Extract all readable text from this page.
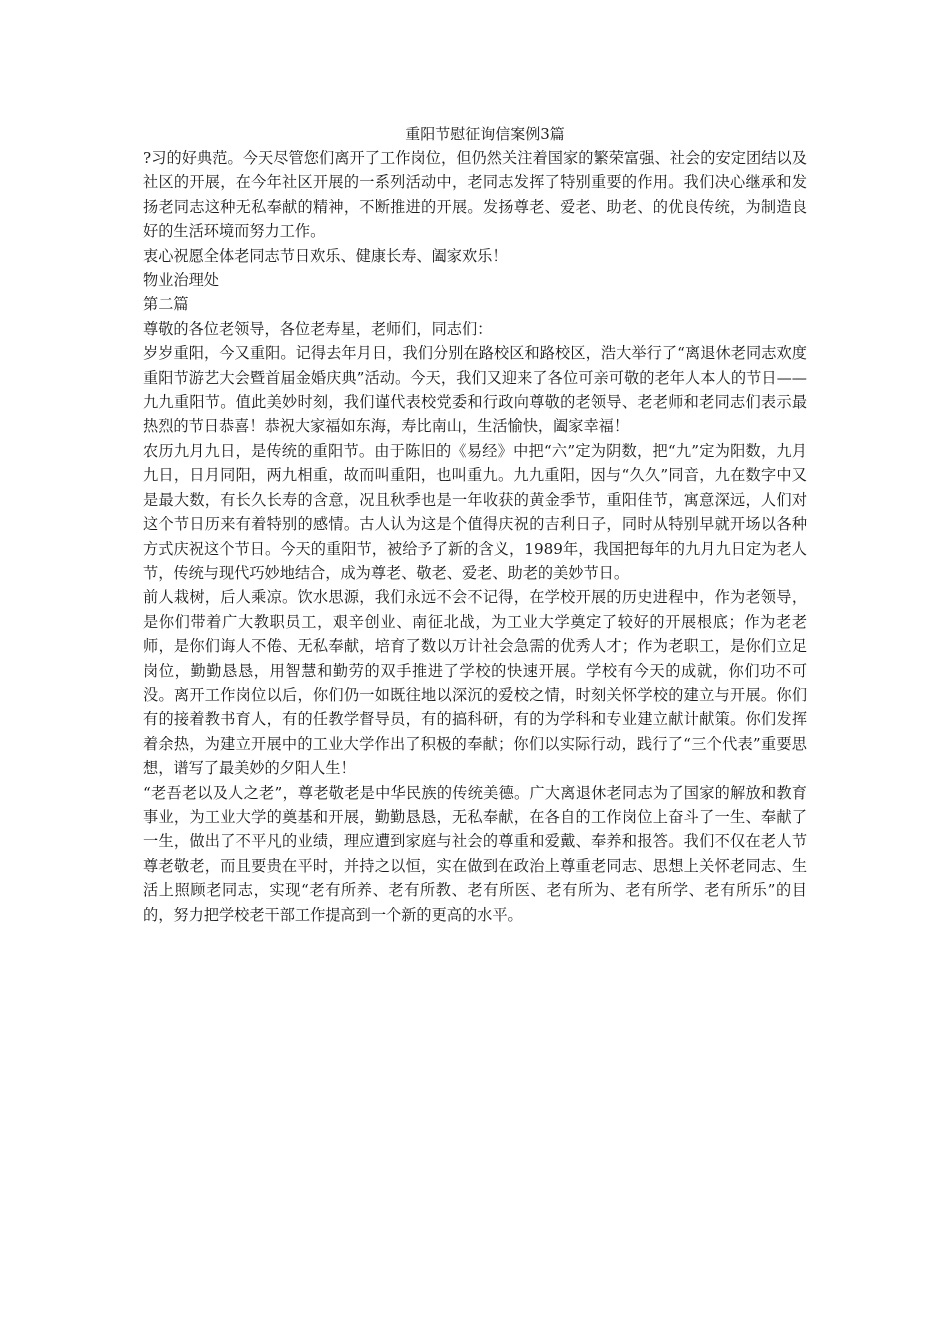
重阳节慰征询信案例3篇

?习的好典范。今天尽管您们离开了工作岗位，但仍然关注着国家的繁荣富强、社会的安定团结以及社区的开展，在今年社区开展的一系列活动中，老同志发挥了特别重要的作用。我们决心继承和发扬老同志这种无私奉献的精神，不断推进的开展。发扬尊老、爱老、助老、的优良传统，为制造良好的生活环境而努力工作。

衷心祝愿全体老同志节日欢乐、健康长寿、阖家欢乐！

物业治理处

第二篇

尊敬的各位老领导，各位老寿星，老师们，同志们：

岁岁重阳，今又重阳。记得去年月日，我们分别在路校区和路校区，浩大举行了“离退休老同志欢度重阳节游艺大会暨首届金婚庆典”活动。今天，我们又迎来了各位可亲可敬的老年人本人的节日——九九重阳节。值此美妙时刻，我们谨代表校党委和行政向尊敬的老领导、老老师和老同志们表示最热烈的节日恭喜！恭祝大家福如东海，寿比南山，生活愉快，阖家幸福！

农历九月九日，是传统的重阳节。由于陈旧的《易经》中把“六”定为阴数，把“九”定为阳数，九月九日，日月同阳，两九相重，故而叫重阳，也叫重九。九九重阳，因与“久久”同音，九在数字中又是最大数，有长久长寿的含意，况且秋季也是一年收获的黄金季节，重阳佳节，寓意深远，人们对这个节日历来有着特别的感情。古人认为这是个值得庆祝的吉利日子，同时从特别早就开场以各种方式庆祝这个节日。今天的重阳节，被给予了新的含义，1989年，我国把每年的九月九日定为老人节，传统与现代巧妙地结合，成为尊老、敬老、爱老、助老的美妙节日。

前人栽树，后人乘凉。饮水思源，我们永远不会不记得，在学校开展的历史进程中，作为老领导，是你们带着广大教职员工，艰辛创业、南征北战，为工业大学奠定了较好的开展根底；作为老老师，是你们诲人不倦、无私奉献，培育了数以万计社会急需的优秀人才；作为老职工，是你们立足岗位，勤勤恳恳，用智慧和勤劳的双手推进了学校的快速开展。学校有今天的成就，你们功不可没。离开工作岗位以后，你们仍一如既往地以深沉的爱校之情，时刻关怀学校的建立与开展。你们有的接着教书育人，有的任教学督导员，有的搞科研，有的为学科和专业建立献计献策。你们发挥着余热，为建立开展中的工业大学作出了积极的奉献；你们以实际行动，践行了“三个代表”重要思想，谱写了最美妙的夕阳人生！

“老吾老以及人之老”，尊老敬老是中华民族的传统美德。广大离退休老同志为了国家的解放和教育事业，为工业大学的奠基和开展，勤勤恳恳，无私奉献，在各自的工作岗位上奋斗了一生、奉献了一生，做出了不平凡的业绩，理应遭到家庭与社会的尊重和爱戴、奉养和报答。我们不仅在老人节尊老敬老，而且要贵在平时，并持之以恒，实在做到在政治上尊重老同志、思想上关怀老同志、生活上照顾老同志，实现“老有所养、老有所教、老有所医、老有所为、老有所学、老有所乐”的目的，努力把学校老干部工作提高到一个新的更高的水平。
